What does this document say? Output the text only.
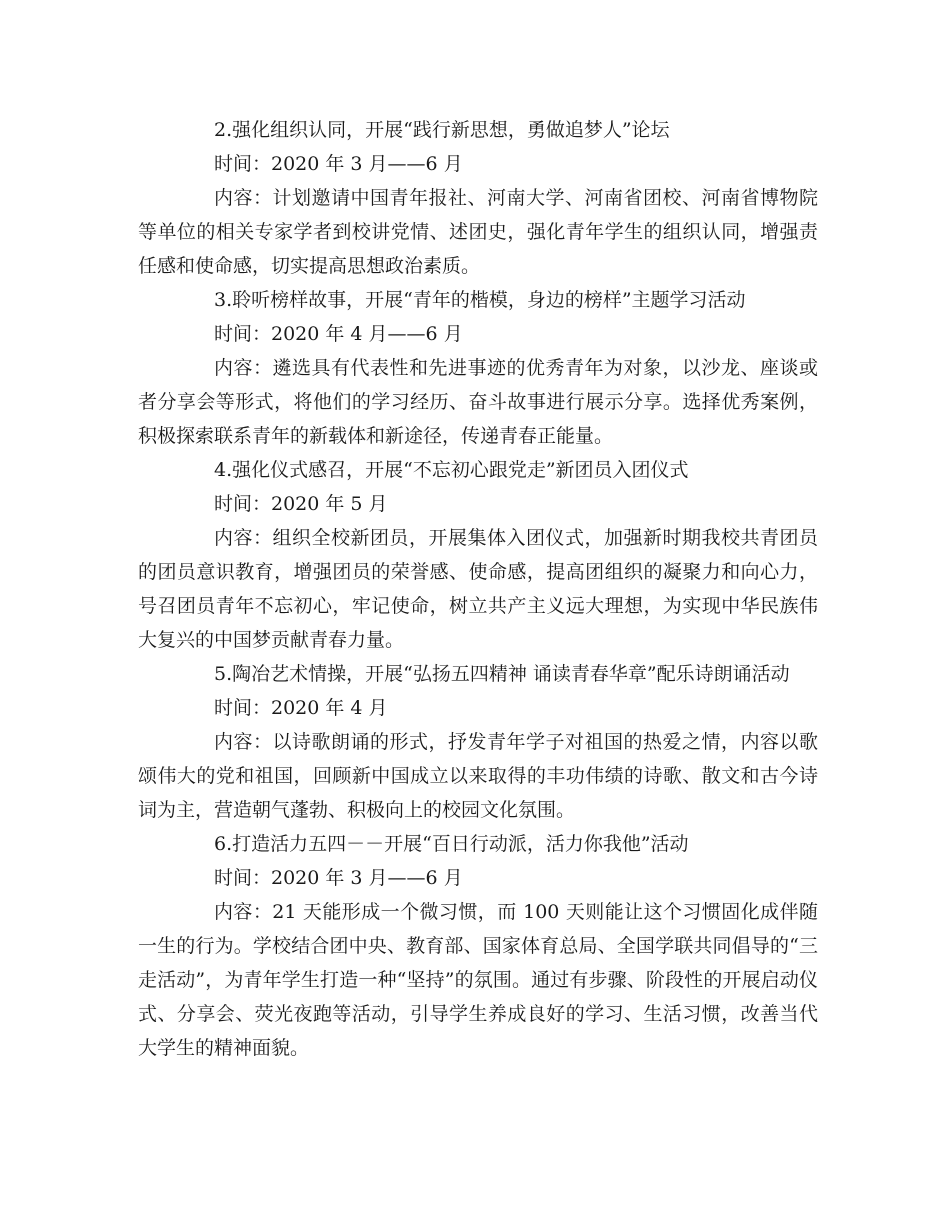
2.强化组织认同，开展“践行新思想，勇做追梦人”论坛

时间：2020 年 3 月——6 月

内容：计划邀请中国青年报社、河南大学、河南省团校、河南省博物院等单位的相关专家学者到校讲党情、述团史，强化青年学生的组织认同，增强责任感和使命感，切实提高思想政治素质。

3.聆听榜样故事，开展“青年的楷模，身边的榜样”主题学习活动

时间：2020 年 4 月——6 月

内容：遴选具有代表性和先进事迹的优秀青年为对象，以沙龙、座谈或者分享会等形式，将他们的学习经历、奋斗故事进行展示分享。选择优秀案例，积极探索联系青年的新载体和新途径，传递青春正能量。

4.强化仪式感召，开展“不忘初心跟党走”新团员入团仪式

时间：2020 年 5 月

内容：组织全校新团员，开展集体入团仪式，加强新时期我校共青团员的团员意识教育，增强团员的荣誉感、使命感，提高团组织的凝聚力和向心力，号召团员青年不忘初心，牢记使命，树立共产主义远大理想，为实现中华民族伟大复兴的中国梦贡献青春力量。

5.陶冶艺术情操，开展“弘扬五四精神 诵读青春华章”配乐诗朗诵活动

时间：2020 年 4 月

内容：以诗歌朗诵的形式，抒发青年学子对祖国的热爱之情，内容以歌颂伟大的党和祖国，回顾新中国成立以来取得的丰功伟绩的诗歌、散文和古今诗词为主，营造朝气蓬勃、积极向上的校园文化氛围。

6.打造活力五四－－开展“百日行动派，活力你我他”活动

时间：2020 年 3 月——6 月

内容：21 天能形成一个微习惯，而 100 天则能让这个习惯固化成伴随一生的行为。学校结合团中央、教育部、国家体育总局、全国学联共同倡导的“三走活动”，为青年学生打造一种“坚持”的氛围。通过有步骤、阶段性的开展启动仪式、分享会、荧光夜跑等活动，引导学生养成良好的学习、生活习惯，改善当代大学生的精神面貌。
